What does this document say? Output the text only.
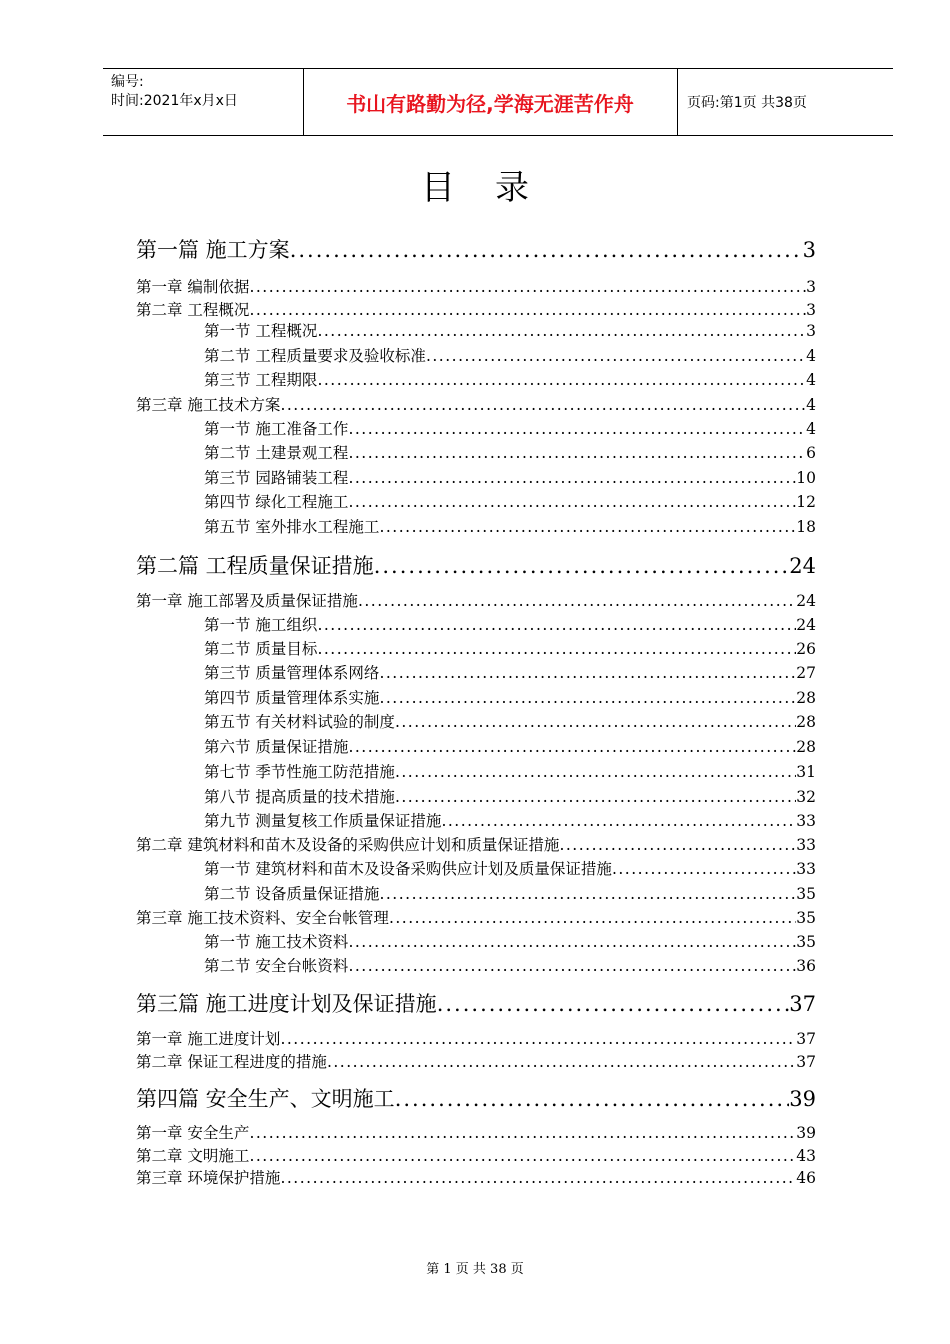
编号:
时间:2021年x月x日	书山有路勤为径,学海无涯苦作舟	页码:第1页 共38页
目录
第一篇 施工方案 .....	3
第一章 编制依据 .....	3
第二章 工程概况 .....	3
第一节 工程概况 .....	3
第二节 工程质量要求及验收标准 .....	4
第三节 工程期限 .....	4
第三章 施工技术方案 .....	4
第一节 施工准备工作 .....	4
第二节 土建景观工程 .....	6
第三节 园路铺装工程 .....	10
第四节 绿化工程施工 .....	12
第五节 室外排水工程施工 .....	18
第二篇 工程质量保证措施 .....	24
第一章 施工部署及质量保证措施 .....	24
第一节 施工组织 .....	24
第二节 质量目标 .....	26
第三节 质量管理体系网络 .....	27
第四节 质量管理体系实施 .....	28
第五节 有关材料试验的制度 .....	28
第六节 质量保证措施 .....	28
第七节 季节性施工防范措施 .....	31
第八节 提高质量的技术措施 .....	32
第九节 测量复核工作质量保证措施 .....	33
第二章 建筑材料和苗木及设备的采购供应计划和质量保证措施 .....	33
第一节 建筑材料和苗木及设备采购供应计划及质量保证措施 .....	33
第二节 设备质量保证措施 .....	35
第三章 施工技术资料、安全台帐管理 .....	35
第一节 施工技术资料 .....	35
第二节 安全台帐资料 .....	36
第三篇 施工进度计划及保证措施 .....	37
第一章 施工进度计划 .....	37
第二章 保证工程进度的措施 .....	37
第四篇 安全生产、文明施工 .....	39
第一章 安全生产 .....	39
第二章 文明施工 .....	43
第三章 环境保护措施 .....	46
第 1 页 共 38 页
